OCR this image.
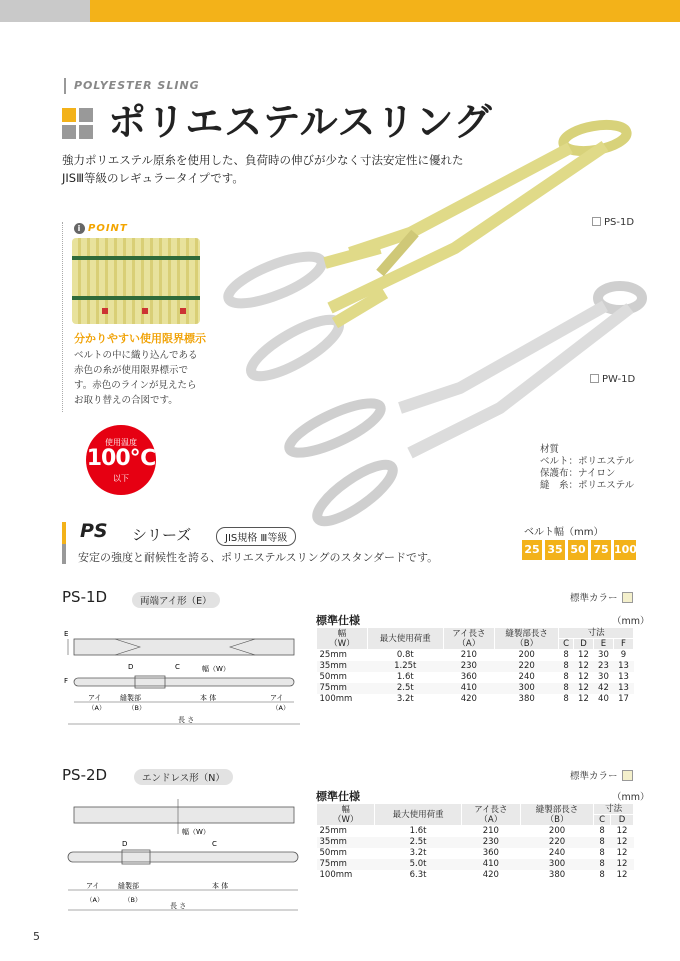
POLYESTER SLING
ポリエステルスリング
強力ポリエステル原糸を使用した、負荷時の伸びが少なく寸法安定性に優れた
JISⅢ等級のレギュラータイプです。
i POINT
分かりやすい使用限界標示
ベルトの中に織り込んである赤色の糸が使用限界標示です。赤色のラインが見えたらお取り替えの合図です。
使用温度
100℃
以下
PS-1D
PW-1D
材質
ベルト：ポリエステル
保護布：ナイロン
縫　糸：ポリエステル
PS シリーズ	JIS規格 Ⅲ等級
安定の強度と耐候性を誇る、ポリエステルスリングのスタンダードです。
ベルト幅（mm）
25 35 50 75 100
PS-1D	両端アイ形（E）	標準カラー
E
F
D	C	幅（W）
アイ
（A）
縫製部
（B）
本 体	アイ
（A）
長 さ
標準仕様	（mm）
幅
（W）	最大使用荷重	アイ長さ
（A）	縫製部長さ
（B）	寸法			
				C	D	E	F
25mm	0.8t	210	200	8	12	30	9
35mm	1.25t	230	220	8	12	23	13
50mm	1.6t	360	240	8	12	30	13
75mm	2.5t	410	300	8	12	42	13
100mm	3.2t	420	380	8	12	40	17
PS-2D	エンドレス形（N）	標準カラー
幅（W）
D	C
アイ
（A）
縫製部
（B）
本 体
長 さ
標準仕様	（mm）
幅
（W）	最大使用荷重	アイ長さ
（A）	縫製部長さ
（B）	寸法	
				C	D
25mm	1.6t	210	200	8	12
35mm	2.5t	230	220	8	12
50mm	3.2t	360	240	8	12
75mm	5.0t	410	300	8	12
100mm	6.3t	420	380	8	12
5
